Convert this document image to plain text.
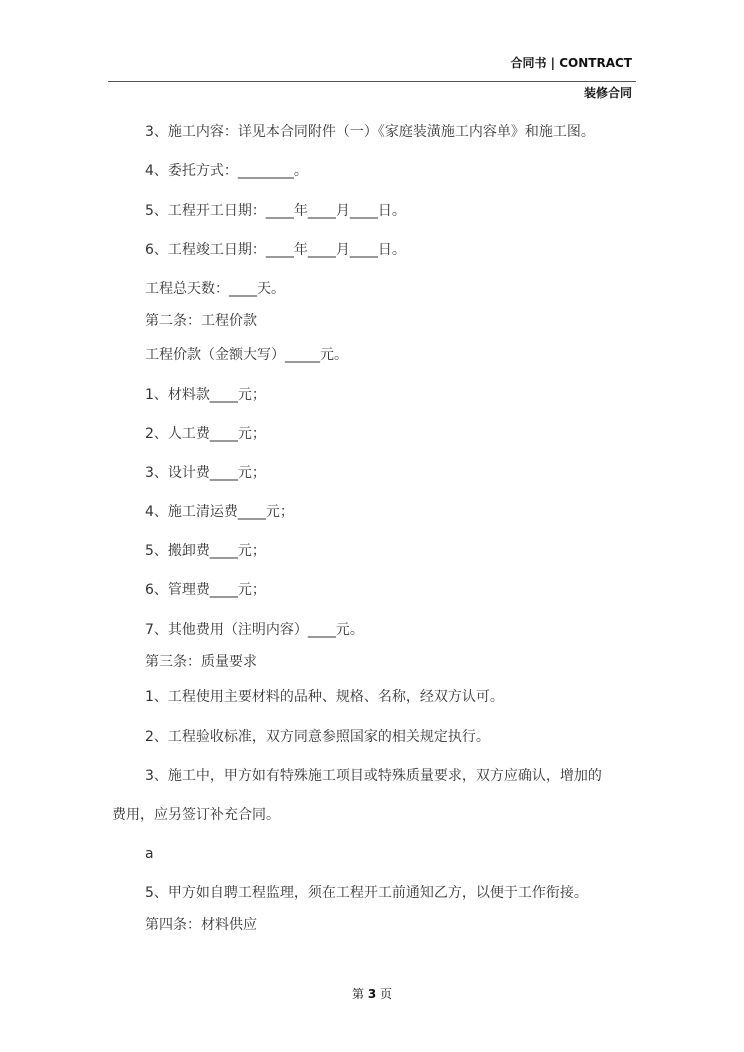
合同书 | CONTRACT
装修合同
3、施工内容：详见本合同附件（一）《家庭装潢施工内容单》和施工图。
4、委托方式：________。
5、工程开工日期：____年____月____日。
6、工程竣工日期：____年____月____日。
工程总天数：____天。
第二条：工程价款
工程价款（金额大写）_____元。
1、材料款____元；
2、人工费____元；
3、设计费____元；
4、施工清运费____元；
5、搬卸费____元；
6、管理费____元；
7、其他费用（注明内容）____元。
第三条：质量要求
1、工程使用主要材料的品种、规格、名称，经双方认可。
2、工程验收标准，双方同意参照国家的相关规定执行。
3、施工中，甲方如有特殊施工项目或特殊质量要求，双方应确认，增加的
费用，应另签订补充合同。
a
5、甲方如自聘工程监理，须在工程开工前通知乙方，以便于工作衔接。
第四条：材料供应
第 3 页
